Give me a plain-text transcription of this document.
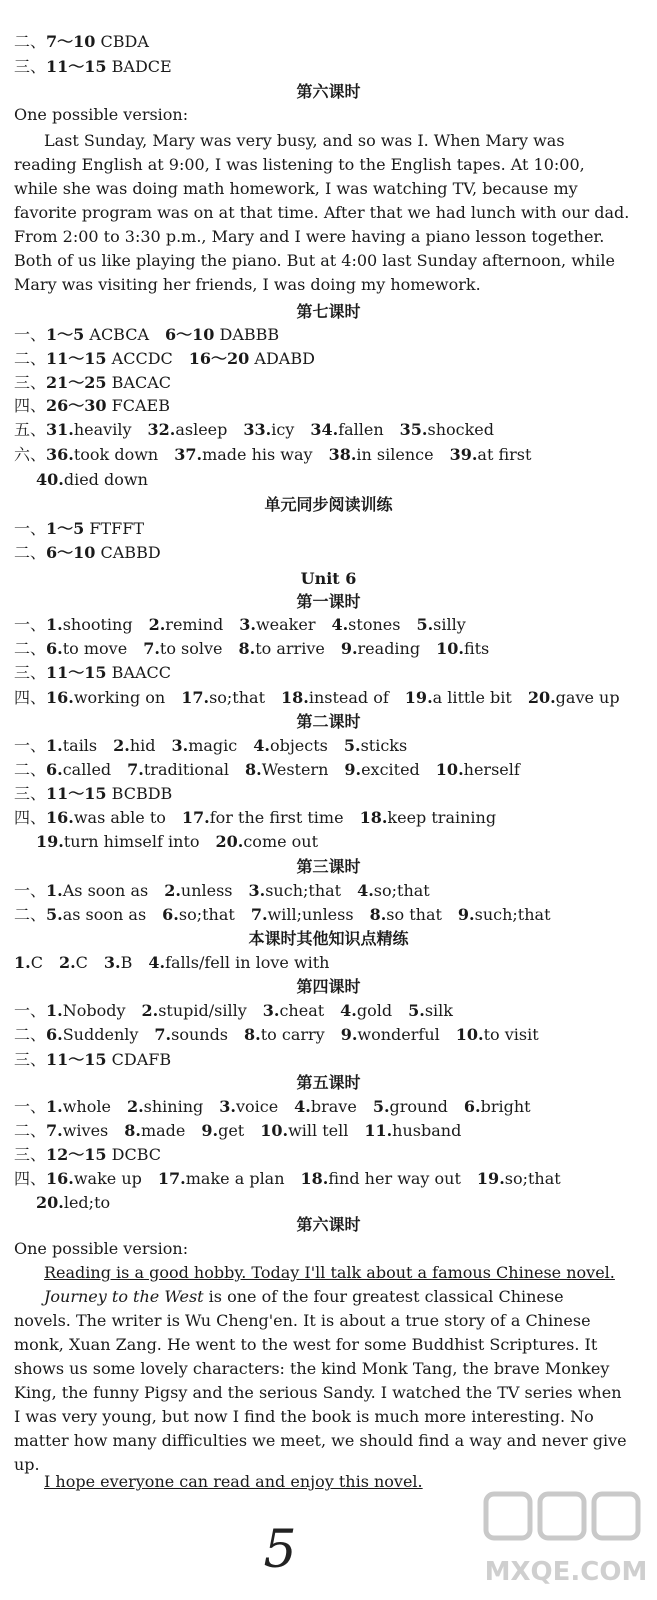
二、7～10 CBDA
三、11～15 BADCE
第六课时
One possible version:
Last Sunday, Mary was very busy, and so was I. When Mary was
reading English at 9:00, I was listening to the English tapes. At 10:00,
while she was doing math homework, I was watching TV, because my
favorite program was on at that time. After that we had lunch with our dad.
From 2:00 to 3:30 p.m., Mary and I were having a piano lesson together.
Both of us like playing the piano. But at 4:00 last Sunday afternoon, while
Mary was visiting her friends, I was doing my homework.
第七课时
一、1～5 ACBCA 6～10 DABBB
二、11～15 ACCDC 16～20 ADABD
三、21～25 BACAC
四、26～30 FCAEB
五、31.heavily 32.asleep 33.icy 34.fallen 35.shocked
六、36.took down 37.made his way 38.in silence 39.at first
40.died down
单元同步阅读训练
一、1～5 FTFFT
二、6～10 CABBD
Unit 6
第一课时
一、1.shooting 2.remind 3.weaker 4.stones 5.silly
二、6.to move 7.to solve 8.to arrive 9.reading 10.fits
三、11～15 BAACC
四、16.working on 17.so;that 18.instead of 19.a little bit 20.gave up
第二课时
一、1.tails 2.hid 3.magic 4.objects 5.sticks
二、6.called 7.traditional 8.Western 9.excited 10.herself
三、11～15 BCBDB
四、16.was able to 17.for the first time 18.keep training
19.turn himself into 20.come out
第三课时
一、1.As soon as 2.unless 3.such;that 4.so;that
二、5.as soon as 6.so;that 7.will;unless 8.so that 9.such;that
本课时其他知识点精练
1.C 2.C 3.B 4.falls/fell in love with
第四课时
一、1.Nobody 2.stupid/silly 3.cheat 4.gold 5.silk
二、6.Suddenly 7.sounds 8.to carry 9.wonderful 10.to visit
三、11～15 CDAFB
第五课时
一、1.whole 2.shining 3.voice 4.brave 5.ground 6.bright
二、7.wives 8.made 9.get 10.will tell 11.husband
三、12～15 DCBC
四、16.wake up 17.make a plan 18.find her way out 19.so;that
20.led;to
第六课时
One possible version:
Reading is a good hobby. Today I'll talk about a famous Chinese novel.
Journey to the West is one of the four greatest classical Chinese
novels. The writer is Wu Cheng'en. It is about a true story of a Chinese
monk, Xuan Zang. He went to the west for some Buddhist Scriptures. It
shows us some lovely characters: the kind Monk Tang, the brave Monkey
King, the funny Pigsy and the serious Sandy. I watched the TV series when
I was very young, but now I find the book is much more interesting. No
matter how many difficulties we meet, we should find a way and never give
up.
I hope everyone can read and enjoy this novel.
5	MXQE.COM
